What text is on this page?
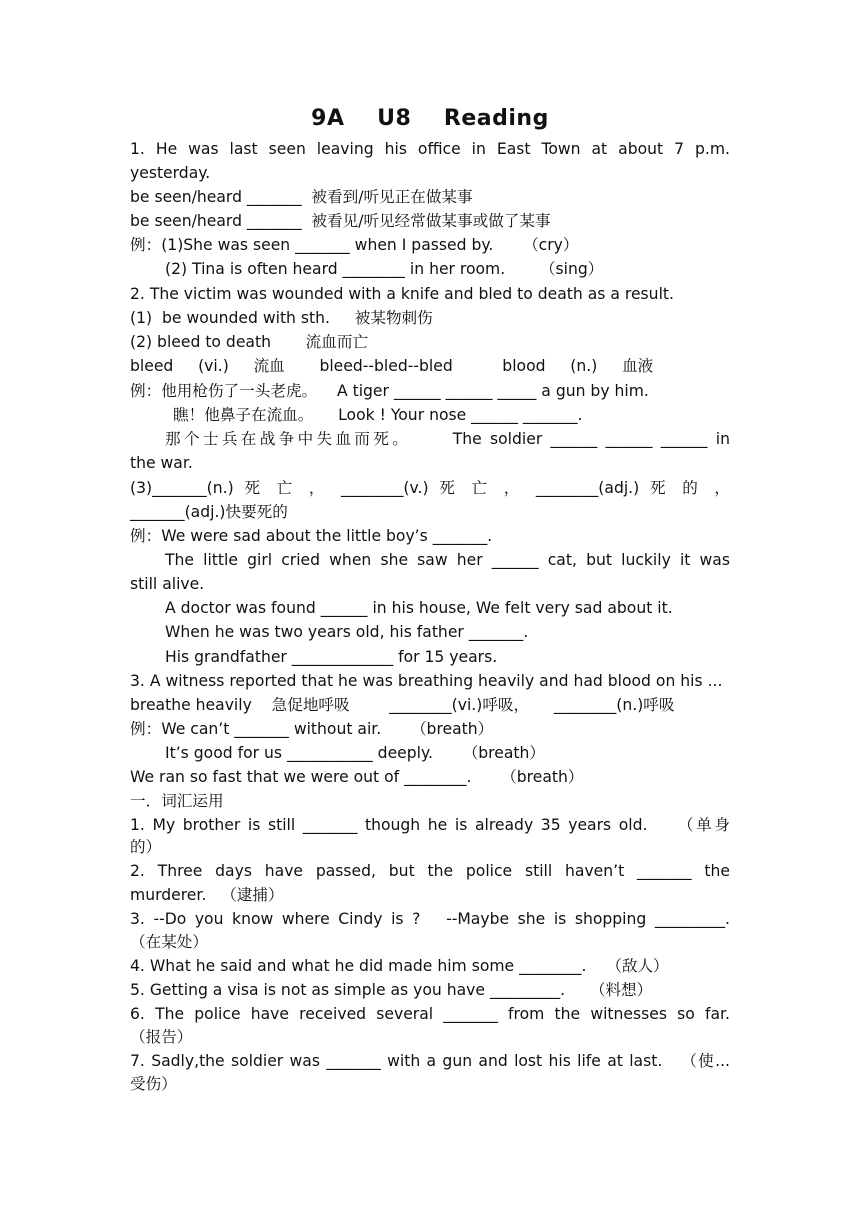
9A    U8    Reading
1. He was last seen leaving his office in East Town at about 7 p.m.
yesterday.
be seen/heard _______  被看到/听见正在做某事
be seen/heard _______  被看见/听见经常做某事或做了某事
例：(1)She was seen _______ when I passed by.      （cry）
(2) Tina is often heard ________ in her room.       （sing）
2. The victim was wounded with a knife and bled to death as a result.
(1)  be wounded with sth.     被某物刺伤
(2) bleed to death       流血而亡
bleed     (vi.)     流血       bleed--bled--bled          blood     (n.)     血液
例：他用枪伤了一头老虎。    A tiger ______ ______ _____ a gun by him.
瞧！他鼻子在流血。     Look ! Your nose ______ _______.
那个士兵在战争中失血而死。     The soldier ______ ______ ______ in
the war.
(3)_______(n.) 死 亡 ， ________(v.) 死 亡 ， ________(adj.) 死 的 ，
_______(adj.)快要死的
例：We were sad about the little boy’s _______.
The little girl cried when she saw her ______ cat, but luckily it was
still alive.
A doctor was found ______ in his house, We felt very sad about it.
When he was two years old, his father _______.
His grandfather _____________ for 15 years.
3. A witness reported that he was breathing heavily and had blood on his ...
breathe heavily    急促地呼吸        ________(vi.)呼吸，     ________(n.)呼吸
例：We can’t _______ without air.      （breath）
It’s good for us ___________ deeply.      （breath）
We ran so fast that we were out of ________.      （breath）
一．词汇运用
1. My brother is still _______ though he is already 35 years old.    （单身
的）
2. Three days have passed, but the police still haven’t _______ the
murderer.   （逮捕）
3. --Do you know where Cindy is ?   --Maybe she is shopping _________.
（在某处）
4. What he said and what he did made him some ________.    （敌人）
5. Getting a visa is not as simple as you have _________.     （料想）
6. The police have received several _______ from the witnesses so far.
（报告）
7. Sadly,the soldier was _______ with a gun and lost his life at last.   （使...
受伤）
